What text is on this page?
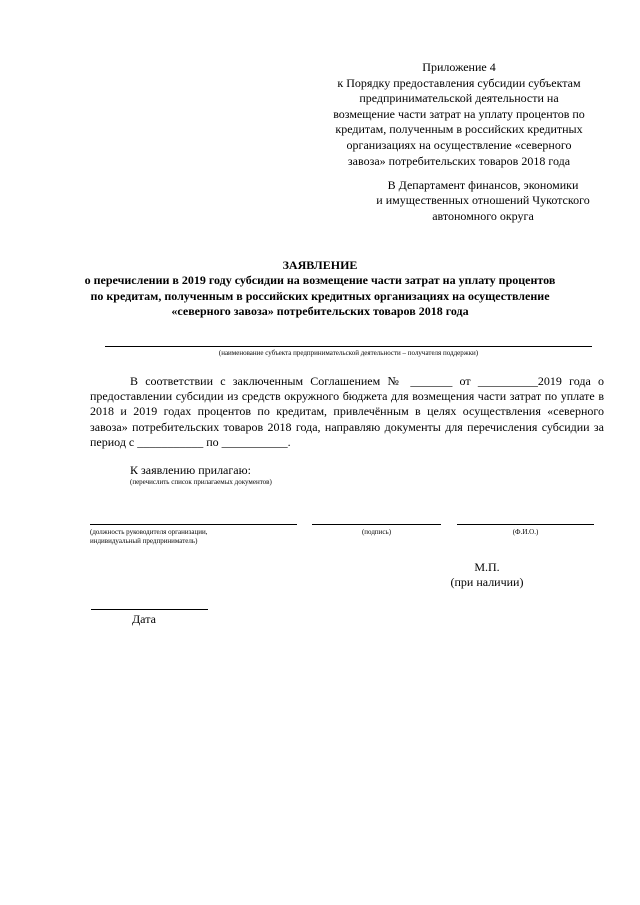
Приложение 4
к Порядку предоставления субсидии субъектам
предпринимательской деятельности на
возмещение части затрат на уплату процентов по
кредитам, полученным в российских кредитных
организациях на осуществление «северного
завоза» потребительских товаров 2018 года
В Департамент финансов, экономики
и имущественных отношений Чукотского
автономного округа
ЗАЯВЛЕНИЕ
о перечислении в 2019 году субсидии на возмещение части затрат на уплату процентов
по кредитам, полученным в российских кредитных организациях на осуществление
«северного завоза» потребительских товаров 2018 года
(наименование субъекта предпринимательской деятельности – получателя поддержки)

В соответствии с заключенным Соглашением № _______ от __________2019 года о предоставлении субсидии из средств окружного бюджета для возмещения части затрат по уплате в 2018 и 2019 годах процентов по кредитам, привлечённым в целях осуществления «северного завоза» потребительских товаров 2018 года, направляю документы для перечисления субсидии за период с ___________ по ___________.

К заявлению прилагаю:
(перечислить список прилагаемых документов)
(должность руководителя организации,
индивидуальный предприниматель)
(подпись)	(Ф.И.О.)
М.П.
(при наличии)
Дата
